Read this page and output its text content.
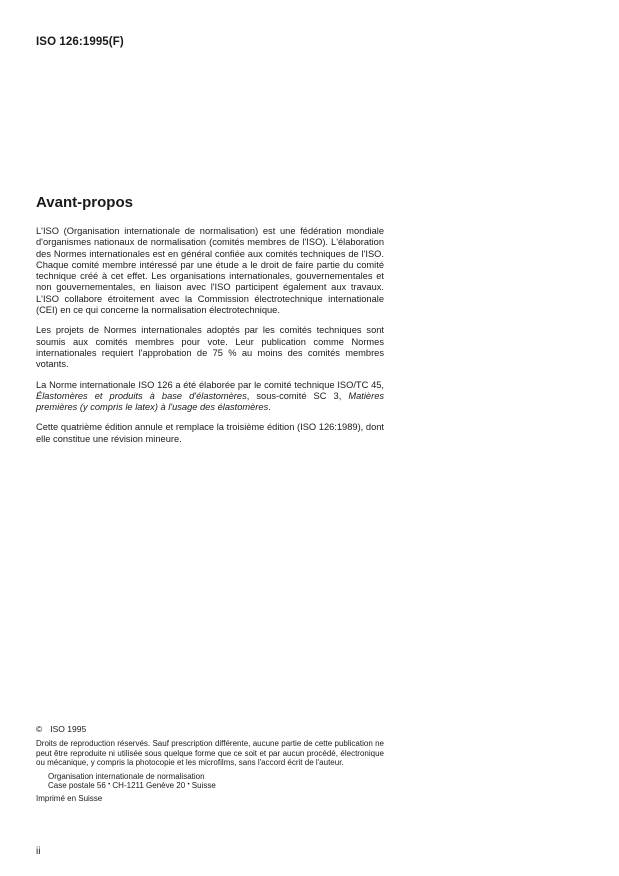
ISO 126:1995(F)
Avant-propos

L'ISO (Organisation internationale de normalisation) est une fédération mondiale d'organismes nationaux de normalisation (comités membres de l'ISO). L'élaboration des Normes internationales est en général confiée aux comités techniques de l'ISO. Chaque comité membre intéressé par une étude a le droit de faire partie du comité technique créé à cet effet. Les organisations internationales, gouvernementales et non gouvernementales, en liaison avec l'ISO participent également aux travaux. L'ISO collabore étroitement avec la Commission électrotechnique internationale (CEI) en ce qui concerne la normalisation électrotechnique.

Les projets de Normes internationales adoptés par les comités techniques sont soumis aux comités membres pour vote. Leur publication comme Normes internationales requiert l'approbation de 75 % au moins des comités membres votants.

La Norme internationale ISO 126 a été élaborée par le comité technique ISO/TC 45, Élastomères et produits à base d'élastomères, sous-comité SC 3, Matières premières (y compris le latex) à l'usage des élastomères.

Cette quatrième édition annule et remplace la troisième édition (ISO 126:1989), dont elle constitue une révision mineure.

© ISO 1995

Droits de reproduction réservés. Sauf prescription différente, aucune partie de cette publication ne peut être reproduite ni utilisée sous quelque forme que ce soit et par aucun procédé, électronique ou mécanique, y compris la photocopie et les microfilms, sans l'accord écrit de l'auteur.

Organisation internationale de normalisation
Case postale 56 • CH-1211 Genève 20 • Suisse

Imprimé en Suisse

ii
